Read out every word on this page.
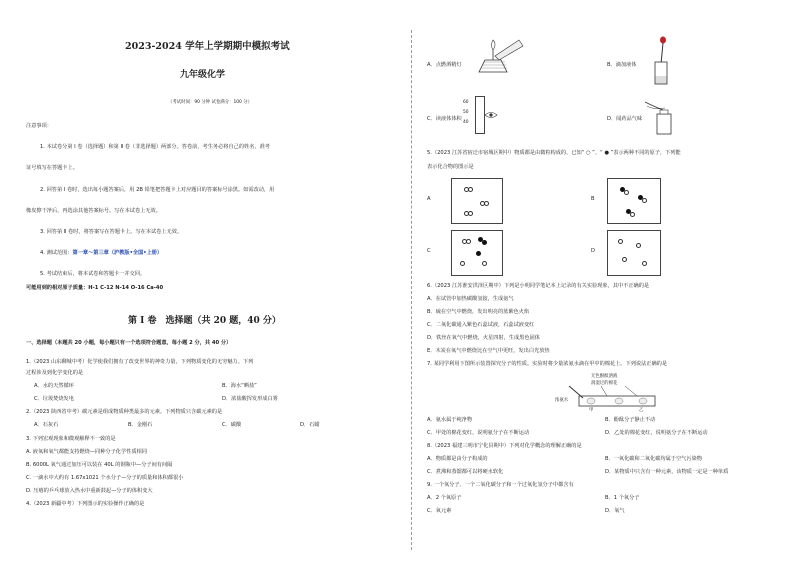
2023-2024 学年上学期期中模拟考试
九年级化学
（考试时间：90 分钟 试卷满分：100 分）
注意事项：
1. 本试卷分第 Ⅰ 卷（选择题）和第 Ⅱ 卷（非选择题）两部分。答卷前，考生务必将自己的姓名、准考
证号填写在答题卡上。
2. 回答第 Ⅰ 卷时，选出每小题答案后，用 2B 铅笔把答题卡上对应题目的答案标号涂黑。如需改动，用
橡皮擦干净后，再选涂其他答案标号。写在本试卷上无效。
3. 回答第 Ⅱ 卷时，将答案写在答题卡上。写在本试卷上无效。
4. 测试范围：第一章～第三章（沪教版•全国•上册）
5. 考试结束后，将本试卷和答题卡一并交回。
可能用到的相对原子质量：H-1 C-12 N-14 O-16 Ca-40
第 Ⅰ 卷　选择题（共 20 题，40 分）
一、选择题（本题共 20 小题，每小题只有一个选项符合题意，每小题 2 分，共 40 分）
1.（2023 山东聊城中考）化学使我们拥有了改变世界的神奇力量，下列物质变化的无穷魅力。下列
过程涉及到化学变化的是
A．水的天然循环	B．海水“晒盐”
C．垃圾焚烧发电	D．浓盐酸挥发形成白雾
2.（2023 陕西省中考）碳元素是组成物质种类最多的元素。下列物质只含碳元素的是
A．石灰石	B．金刚石	C．碳酸	D．石蜡
3. 下列宏观现象和微观解释不一致的是
A. 液氧和氧气都能支持燃烧—同种分子化学性质相同
B. 6000L 氧气通过加压可以装在 40L 的钢瓶中—分子间有间隔
C. 一滴水中大约有 1.67x1021 个水分子—分子的质量和体积都很小
D. 压瘪的乒乓球放入热水中重新鼓起—分子的体积变大
4.（2023 新疆中考）下列图示的实验操作正确的是
A．点燃酒精灯	B．滴加液体
60
50
40
C．读液体体积	D．闻药品气味
5.（2023 江苏省宿迁市宿城区期中）物质都是由微粒构成的，已知“ ○ ”、“ ● ”表示两种不同的原子，下列能
表示化合物的图示是
A	B
C	D
6.（2023 江苏淮安洪泽区期中）下列是小明同学笔记本上记录的有关实验现象，其中不正确的是
A．在试管中加热碳酸氢铵，生成氨气
B．硫在空气中燃烧，发出明亮的蓝紫色火焰
C．二氧化碳通入紫色石蕊试液，石蕊试液变红
D．铁丝在氧气中燃烧，火星四射，生成黑色固体
E．木炭在氧气中燃烧比在空气中更旺，发出白光放热
7. 某同学利用下图所示装置探究分子的性质。实验时将少量浓氨水滴在甲中的棉花上。下列说法正确的是
无色酚酞溶液
润湿过的棉花
浓氨水
甲	乙
A．氨水属于纯净物	B．酚酞分子静止不动
C．甲处的棉花变红，说明氨分子在不断运动	D．乙处的棉花变红，说明氨分子在不断运动
8.（2023 福建三明市宁化县期中）下列对化学概念的理解正确的是
A．物质都是由分子构成的	B．一氧化碳和二氧化碳均属于空气污染物
C．煮沸和蒸馏都可以将硬水软化	D．某物质中只含有一种元素，该物质一定是一种单质
9. 一个氧分子、一个二氧化碳分子和一个过氧化氢分子中都含有
A．2 个氧原子	B．1 个氧分子
C．氧元素	D．氧气
